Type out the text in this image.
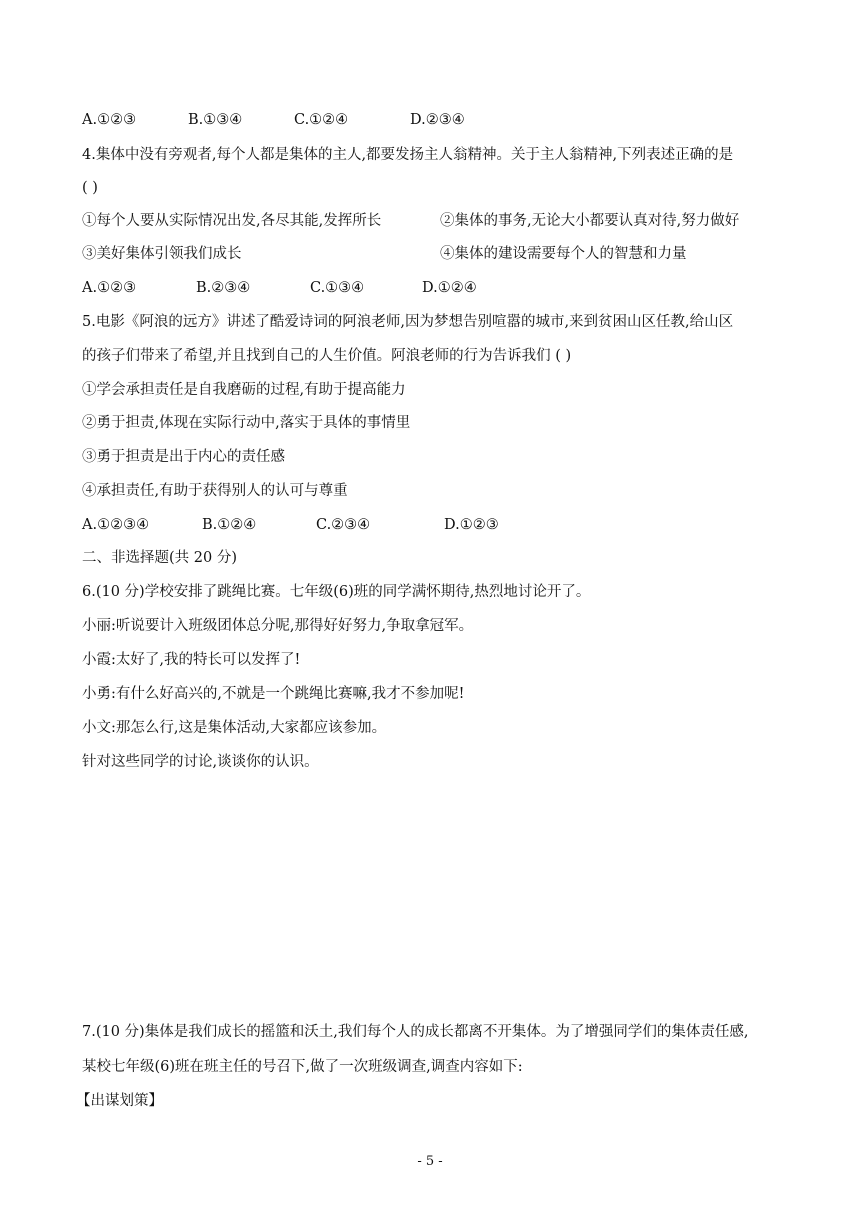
A.①②③	B.①③④	C.①②④	D.②③④
4.集体中没有旁观者,每个人都是集体的主人,都要发扬主人翁精神。关于主人翁精神,下列表述正确的是
( )
①每个人要从实际情况出发,各尽其能,发挥所长	②集体的事务,无论大小都要认真对待,努力做好
③美好集体引领我们成长	④集体的建设需要每个人的智慧和力量
A.①②③	B.②③④	C.①③④	D.①②④
5.电影《阿浪的远方》讲述了酷爱诗词的阿浪老师,因为梦想告别喧嚣的城市,来到贫困山区任教,给山区
的孩子们带来了希望,并且找到自己的人生价值。阿浪老师的行为告诉我们 ( )
①学会承担责任是自我磨砺的过程,有助于提高能力
②勇于担责,体现在实际行动中,落实于具体的事情里
③勇于担责是出于内心的责任感
④承担责任,有助于获得别人的认可与尊重
A.①②③④	B.①②④	C.②③④	D.①②③
二、非选择题(共 20 分)
6.(10 分)学校安排了跳绳比赛。七年级(6)班的同学满怀期待,热烈地讨论开了。
小丽:听说要计入班级团体总分呢,那得好好努力,争取拿冠军。
小霞:太好了,我的特长可以发挥了!
小勇:有什么好高兴的,不就是一个跳绳比赛嘛,我才不参加呢!
小文:那怎么行,这是集体活动,大家都应该参加。
针对这些同学的讨论,谈谈你的认识。
7.(10 分)集体是我们成长的摇篮和沃土,我们每个人的成长都离不开集体。为了增强同学们的集体责任感,
某校七年级(6)班在班主任的号召下,做了一次班级调查,调查内容如下:
【出谋划策】
- 5 -
